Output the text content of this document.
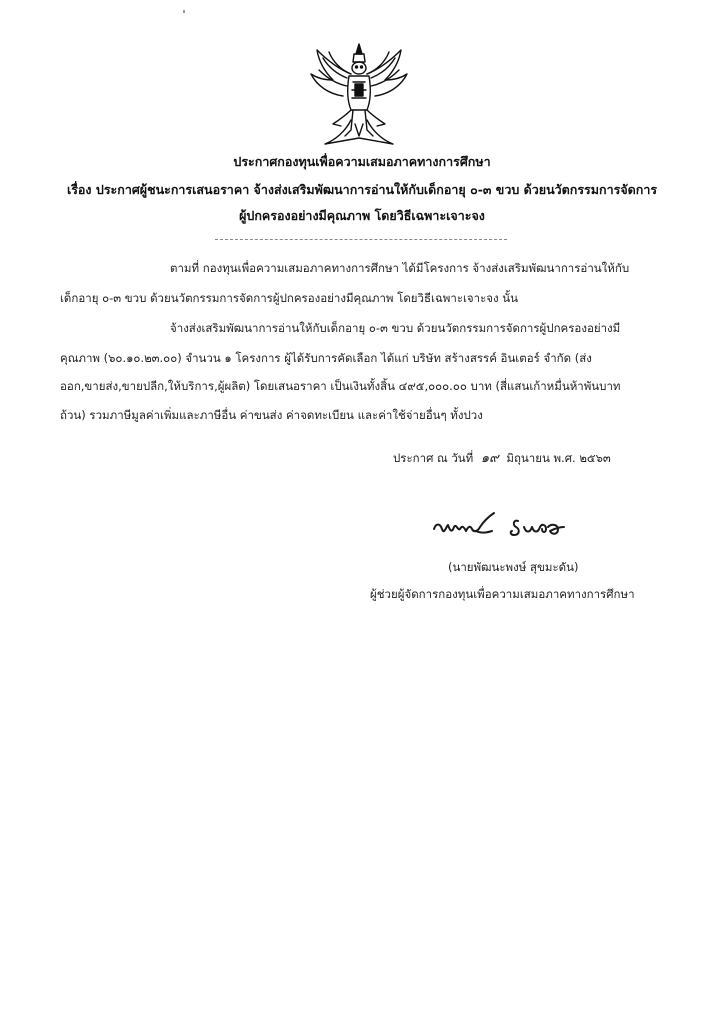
ประกาศกองทุนเพื่อความเสมอภาคทางการศึกษา
เรื่อง ประกาศผู้ชนะการเสนอราคา จ้างส่งเสริมพัฒนาการอ่านให้กับเด็กอายุ ๐-๓ ขวบ ด้วยนวัตกรรมการจัดการ
ผู้ปกครองอย่างมีคุณภาพ โดยวิธีเฉพาะเจาะจง
ตามที่ กองทุนเพื่อความเสมอภาคทางการศึกษา ได้มีโครงการ จ้างส่งเสริมพัฒนาการอ่านให้กับ
เด็กอายุ ๐-๓ ขวบ ด้วยนวัตกรรมการจัดการผู้ปกครองอย่างมีคุณภาพ โดยวิธีเฉพาะเจาะจง นั้น
จ้างส่งเสริมพัฒนาการอ่านให้กับเด็กอายุ ๐-๓ ขวบ ด้วยนวัตกรรมการจัดการผู้ปกครองอย่างมี
คุณภาพ (๖๐.๑๐.๒๓.๐๐) จำนวน ๑ โครงการ ผู้ได้รับการคัดเลือก ได้แก่ บริษัท สร้างสรรค์ อินเตอร์ จำกัด (ส่ง
ออก,ขายส่ง,ขายปลีก,ให้บริการ,ผู้ผลิต) โดยเสนอราคา เป็นเงินทั้งสิ้น ๔๙๕,๐๐๐.๐๐ บาท (สี่แสนเก้าหมื่นห้าพันบาท
ถ้วน) รวมภาษีมูลค่าเพิ่มและภาษีอื่น ค่าขนส่ง ค่าจดทะเบียน และค่าใช้จ่ายอื่นๆ ทั้งปวง
ประกาศ ณ วันที่ ๑๙ มิถุนายน พ.ศ. ๒๕๖๓
(นายพัฒนะพงษ์ สุขมะดัน)
ผู้ช่วยผู้จัดการกองทุนเพื่อความเสมอภาคทางการศึกษา
